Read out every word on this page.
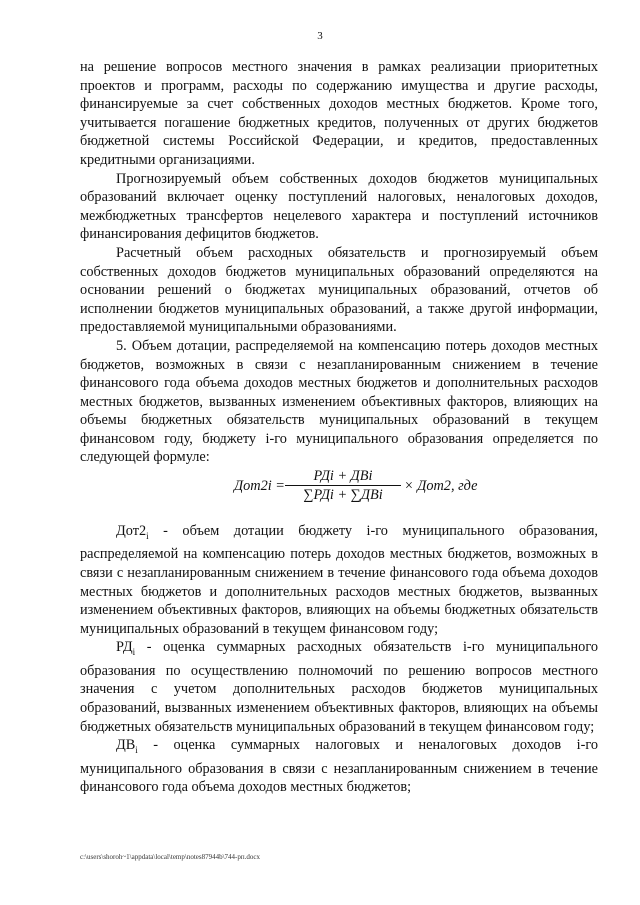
3

на решение вопросов местного значения в рамках реализации приоритетных проектов и программ, расходы по содержанию имущества и другие расходы, финансируемые за счет собственных доходов местных бюджетов. Кроме того, учитывается погашение бюджетных кредитов, полученных от других бюджетов бюджетной системы Российской Федерации, и кредитов, предоставленных кредитными организациями.

Прогнозируемый объем собственных доходов бюджетов муниципальных образований включает оценку поступлений налоговых, неналоговых доходов, межбюджетных трансфертов нецелевого характера и поступлений источников финансирования дефицитов бюджетов.

Расчетный объем расходных обязательств и прогнозируемый объем собственных доходов бюджетов муниципальных образований определяются на основании решений о бюджетах муниципальных образований, отчетов об исполнении бюджетов муниципальных образований, а также другой информации, предоставляемой муниципальными образованиями.

5. Объем дотации, распределяемой на компенсацию потерь доходов местных бюджетов, возможных в связи с незапланированным снижением в течение финансового года объема доходов местных бюджетов и дополнительных расходов местных бюджетов, вызванных изменением объективных факторов, влияющих на объемы бюджетных обязательств муниципальных образований в текущем финансовом году, бюджету i-го муниципального образования определяется по следующей формуле:

Дот2i =
РДi + ДВi
∑РДi + ∑ДВi
× Дот2, где

$Дот2_i$ - объем дотации бюджету i-го муниципального образования, распределяемой на компенсацию потерь доходов местных бюджетов, возможных в связи с незапланированным снижением в течение финансового года объема доходов местных бюджетов и дополнительных расходов местных бюджетов, вызванных изменением объективных факторов, влияющих на объемы бюджетных обязательств муниципальных образований в текущем финансовом году;

$РД_i$ - оценка суммарных расходных обязательств i-го муниципального образования по осуществлению полномочий по решению вопросов местного значения с учетом дополнительных расходов бюджетов муниципальных образований, вызванных изменением объективных факторов, влияющих на объемы бюджетных обязательств муниципальных образований в текущем финансовом году;

$ДВ_i$ - оценка суммарных налоговых и неналоговых доходов i-го муниципального образования в связи с незапланированным снижением в течение финансового года объема доходов местных бюджетов;

c:\users\shoroh~1\appdata\local\temp\notes87944b\744-рп.docx
